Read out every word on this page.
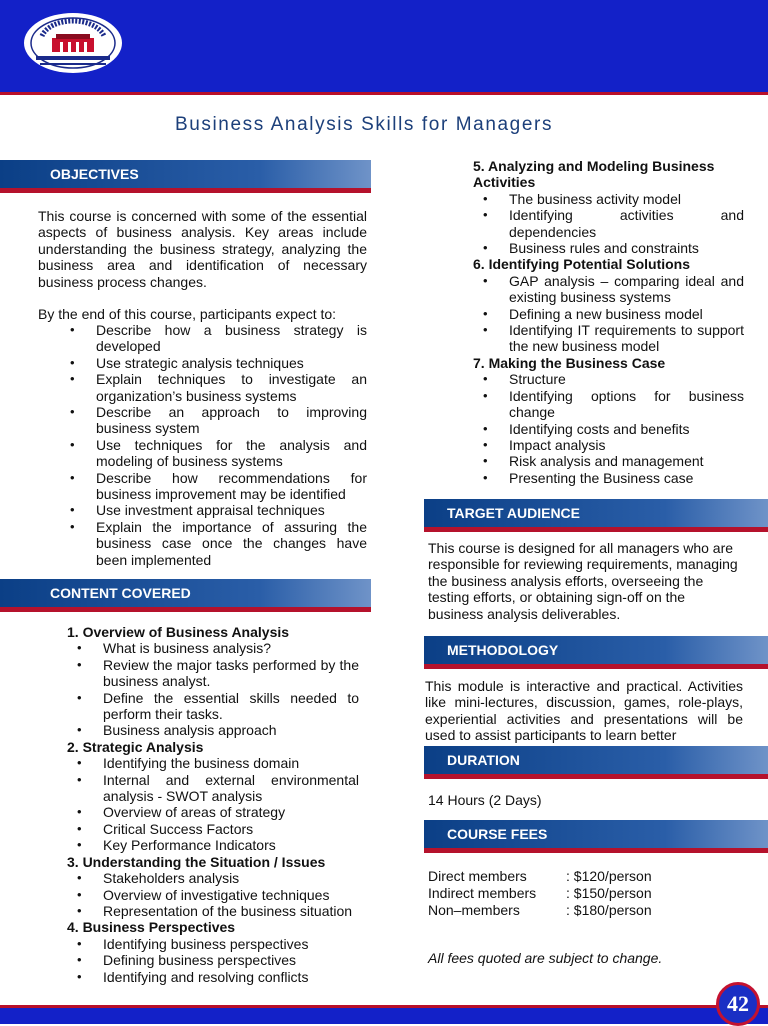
Business Analysis Skills for Managers
OBJECTIVES

This course is concerned with some of the essential aspects of business analysis. Key areas include understanding the business strategy, analyzing the business area and identification of necessary business process changes.

By the end of this course, participants expect to:

• Describe how a business strategy is developed
• Use strategic analysis techniques
• Explain techniques to investigate an organization’s business systems
• Describe an approach to improving business system
• Use techniques for the analysis and modeling of business systems
• Describe how recommendations for business improvement may be identified
• Use investment appraisal techniques
• Explain the importance of assuring the business case once the changes have been implemented
CONTENT COVERED
1. Overview of Business Analysis
• What is business analysis?
• Review the major tasks performed by the business analyst.
• Define the essential skills needed to perform their tasks.
• Business analysis approach
2. Strategic Analysis
• Identifying the business domain
• Internal and external environmental analysis - SWOT analysis
• Overview of areas of strategy
• Critical Success Factors
• Key Performance Indicators
3. Understanding the Situation / Issues
• Stakeholders analysis
• Overview of investigative techniques
• Representation of the business situation
4. Business Perspectives
• Identifying business perspectives
• Defining business perspectives
• Identifying and resolving conflicts
5. Analyzing and Modeling Business Activities
• The business activity model
• Identifying activities and dependencies
• Business rules and constraints
6. Identifying Potential Solutions
• GAP analysis – comparing ideal and existing business systems
• Defining a new business model
• Identifying IT requirements to support the new business model
7. Making the Business Case
• Structure
• Identifying options for business change
• Identifying costs and benefits
• Impact analysis
• Risk analysis and management
• Presenting the Business case
TARGET AUDIENCE

This course is designed for all managers who are responsible for reviewing requirements, managing the business analysis efforts, overseeing the testing efforts, or obtaining sign-off on the business analysis deliverables.

METHODOLOGY

This module is interactive and practical. Activities like mini-lectures, discussion, games, role-plays, experiential activities and presentations will be used to assist participants to learn better

DURATION

14 Hours (2 Days)

COURSE FEES
Direct members	: $120/person
Indirect members	: $150/person
Non–members	: $180/person
All fees quoted are subject to change.
42
